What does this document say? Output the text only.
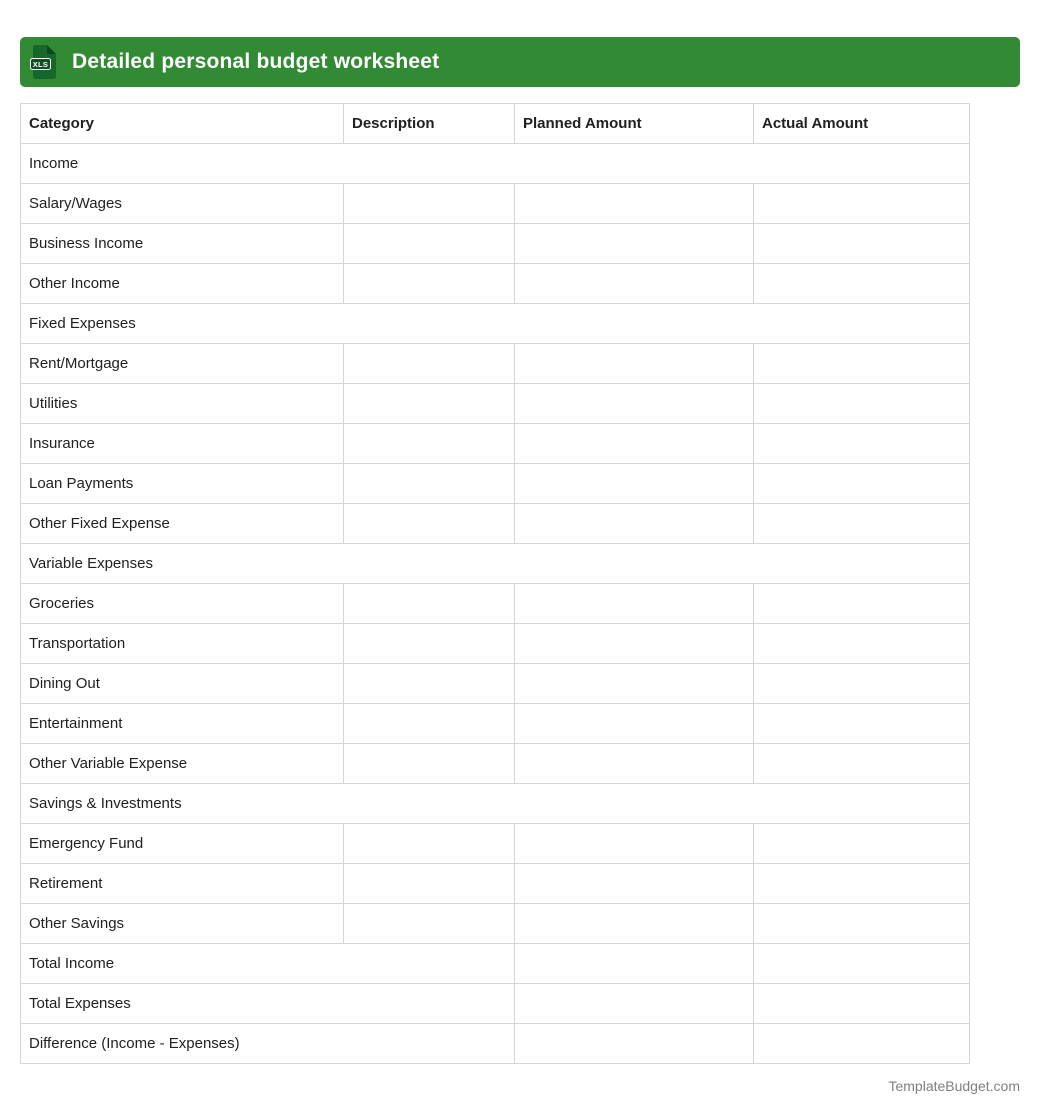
XLS Detailed personal budget worksheet
Category	Description	Planned Amount	Actual Amount
Income			
Salary/Wages			
Business Income			
Other Income			
Fixed Expenses			
Rent/Mortgage			
Utilities			
Insurance			
Loan Payments			
Other Fixed Expense			
Variable Expenses			
Groceries			
Transportation			
Dining Out			
Entertainment			
Other Variable Expense			
Savings & Investments			
Emergency Fund			
Retirement			
Other Savings			
Total Income			
Total Expenses			
Difference (Income - Expenses)			
TemplateBudget.com
